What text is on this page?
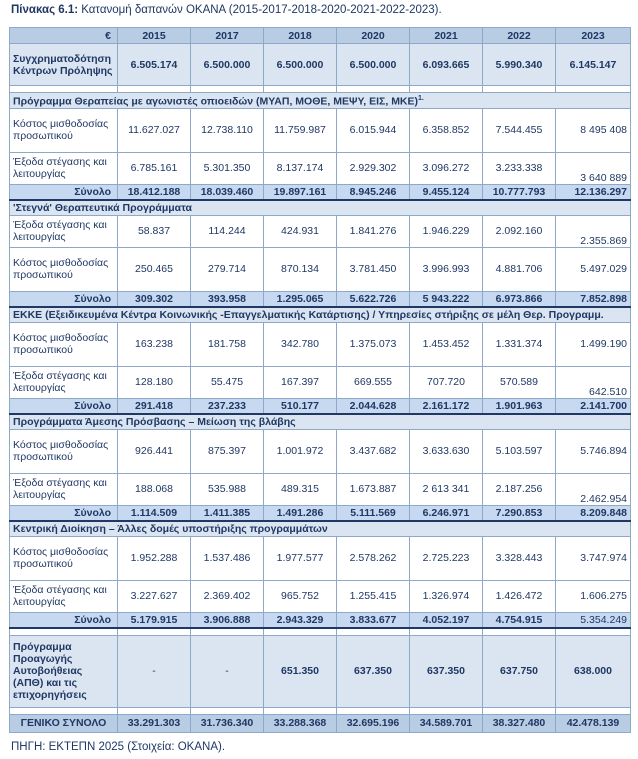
Πίνακας 6.1: Κατανομή δαπανών ΟΚΑΝΑ (2015-2017-2018-2020-2021-2022-2023).
€	2015	2017	2018	2020	2021	2022	2023
Συγχρηματοδότηση Κέντρων Πρόληψης	6.505.174	6.500.000	6.500.000	6.500.000	6.093.665	5.990.340	6.145.147

Πρόγραμμα Θεραπείας με αγωνιστές οπιοειδών (ΜΥΑΠ, ΜΟΘΕ, ΜΕΨΥ, ΕΙΣ, ΜΚΕ)$^{1.}$
Κόστος μισθοδοσίας προσωπικού	11.627.027	12.738.110	11.759.987	6.015.944	6.358.852	7.544.455	8 495 408
Έξοδα στέγασης και λειτουργίας	6.785.161	5.301.350	8.137.174	2.929.302	3.096.272	3.233.338	3 640 889
Σύνολο	18.412.188	18.039.460	19.897.161	8.945.246	9.455.124	10.777.793	12.136.297
'Στεγνά' Θεραπευτικά Προγράμματα							
Έξοδα στέγασης και λειτουργίας	58.837	114.244	424.931	1.841.276	1.946.229	2.092.160	2.355.869
Κόστος μισθοδοσίας προσωπικού	250.465	279.714	870.134	3.781.450	3.996.993	4.881.706	5.497.029
Σύνολο	309.302	393.958	1.295.065	5.622.726	5 943.222	6.973.866	7.852.898
ΕΚΚΕ (Εξειδικευμένα Κέντρα Κοινωνικής -Επαγγελματικής Κατάρτισης) / Υπηρεσίες στήριξης σε μέλη Θερ. Προγραμμ.							
Κόστος μισθοδοσίας προσωπικού	163.238	181.758	342.780	1.375.073	1.453.452	1.331.374	1.499.190
Έξοδα στέγασης και λειτουργίας	128.180	55.475	167.397	669.555	707.720	570.589	642.510
Σύνολο	291.418	237.233	510.177	2.044.628	2.161.172	1.901.963	2.141.700
Προγράμματα Άμεσης Πρόσβασης – Μείωση της βλάβης							
Κόστος μισθοδοσίας προσωπικού	926.441	875.397	1.001.972	3.437.682	3.633.630	5.103.597	5.746.894
Έξοδα στέγασης και λειτουργίας	188.068	535.988	489.315	1.673.887	2 613 341	2.187.256	2.462.954
Σύνολο	1.114.509	1.411.385	1.491.286	5.111.569	6.246.971	7.290.853	8.209.848
Κεντρική Διοίκηση – Άλλες δομές υποστήριξης προγραμμάτων							
Κόστος μισθοδοσίας προσωπικού	1.952.288	1.537.486	1.977.577	2.578.262	2.725.223	3.328.443	3.747.974
Έξοδα στέγασης και λειτουργίας	3.227.627	2.369.402	965.752	1.255.415	1.326.974	1.426.472	1.606.275
Σύνολο	5.179.915	3.906.888	2.943.329	3.833.677	4.052.197	4.754.915	5.354.249

Πρόγραμμα Προαγωγής Αυτοβοήθειας (ΑΠΘ) και τις επιχορηγήσεις	-	-	651.350	637.350	637.350	637.750	638.000

ΓΕΝΙΚΟ ΣΥΝΟΛΟ	33.291.303	31.736.340	33.288.368	32.695.196	34.589.701	38.327.480	42.478.139
ΠΗΓΗ: ΕΚΤΕΠΝ 2025 (Στοιχεία: ΟΚΑΝΑ).
